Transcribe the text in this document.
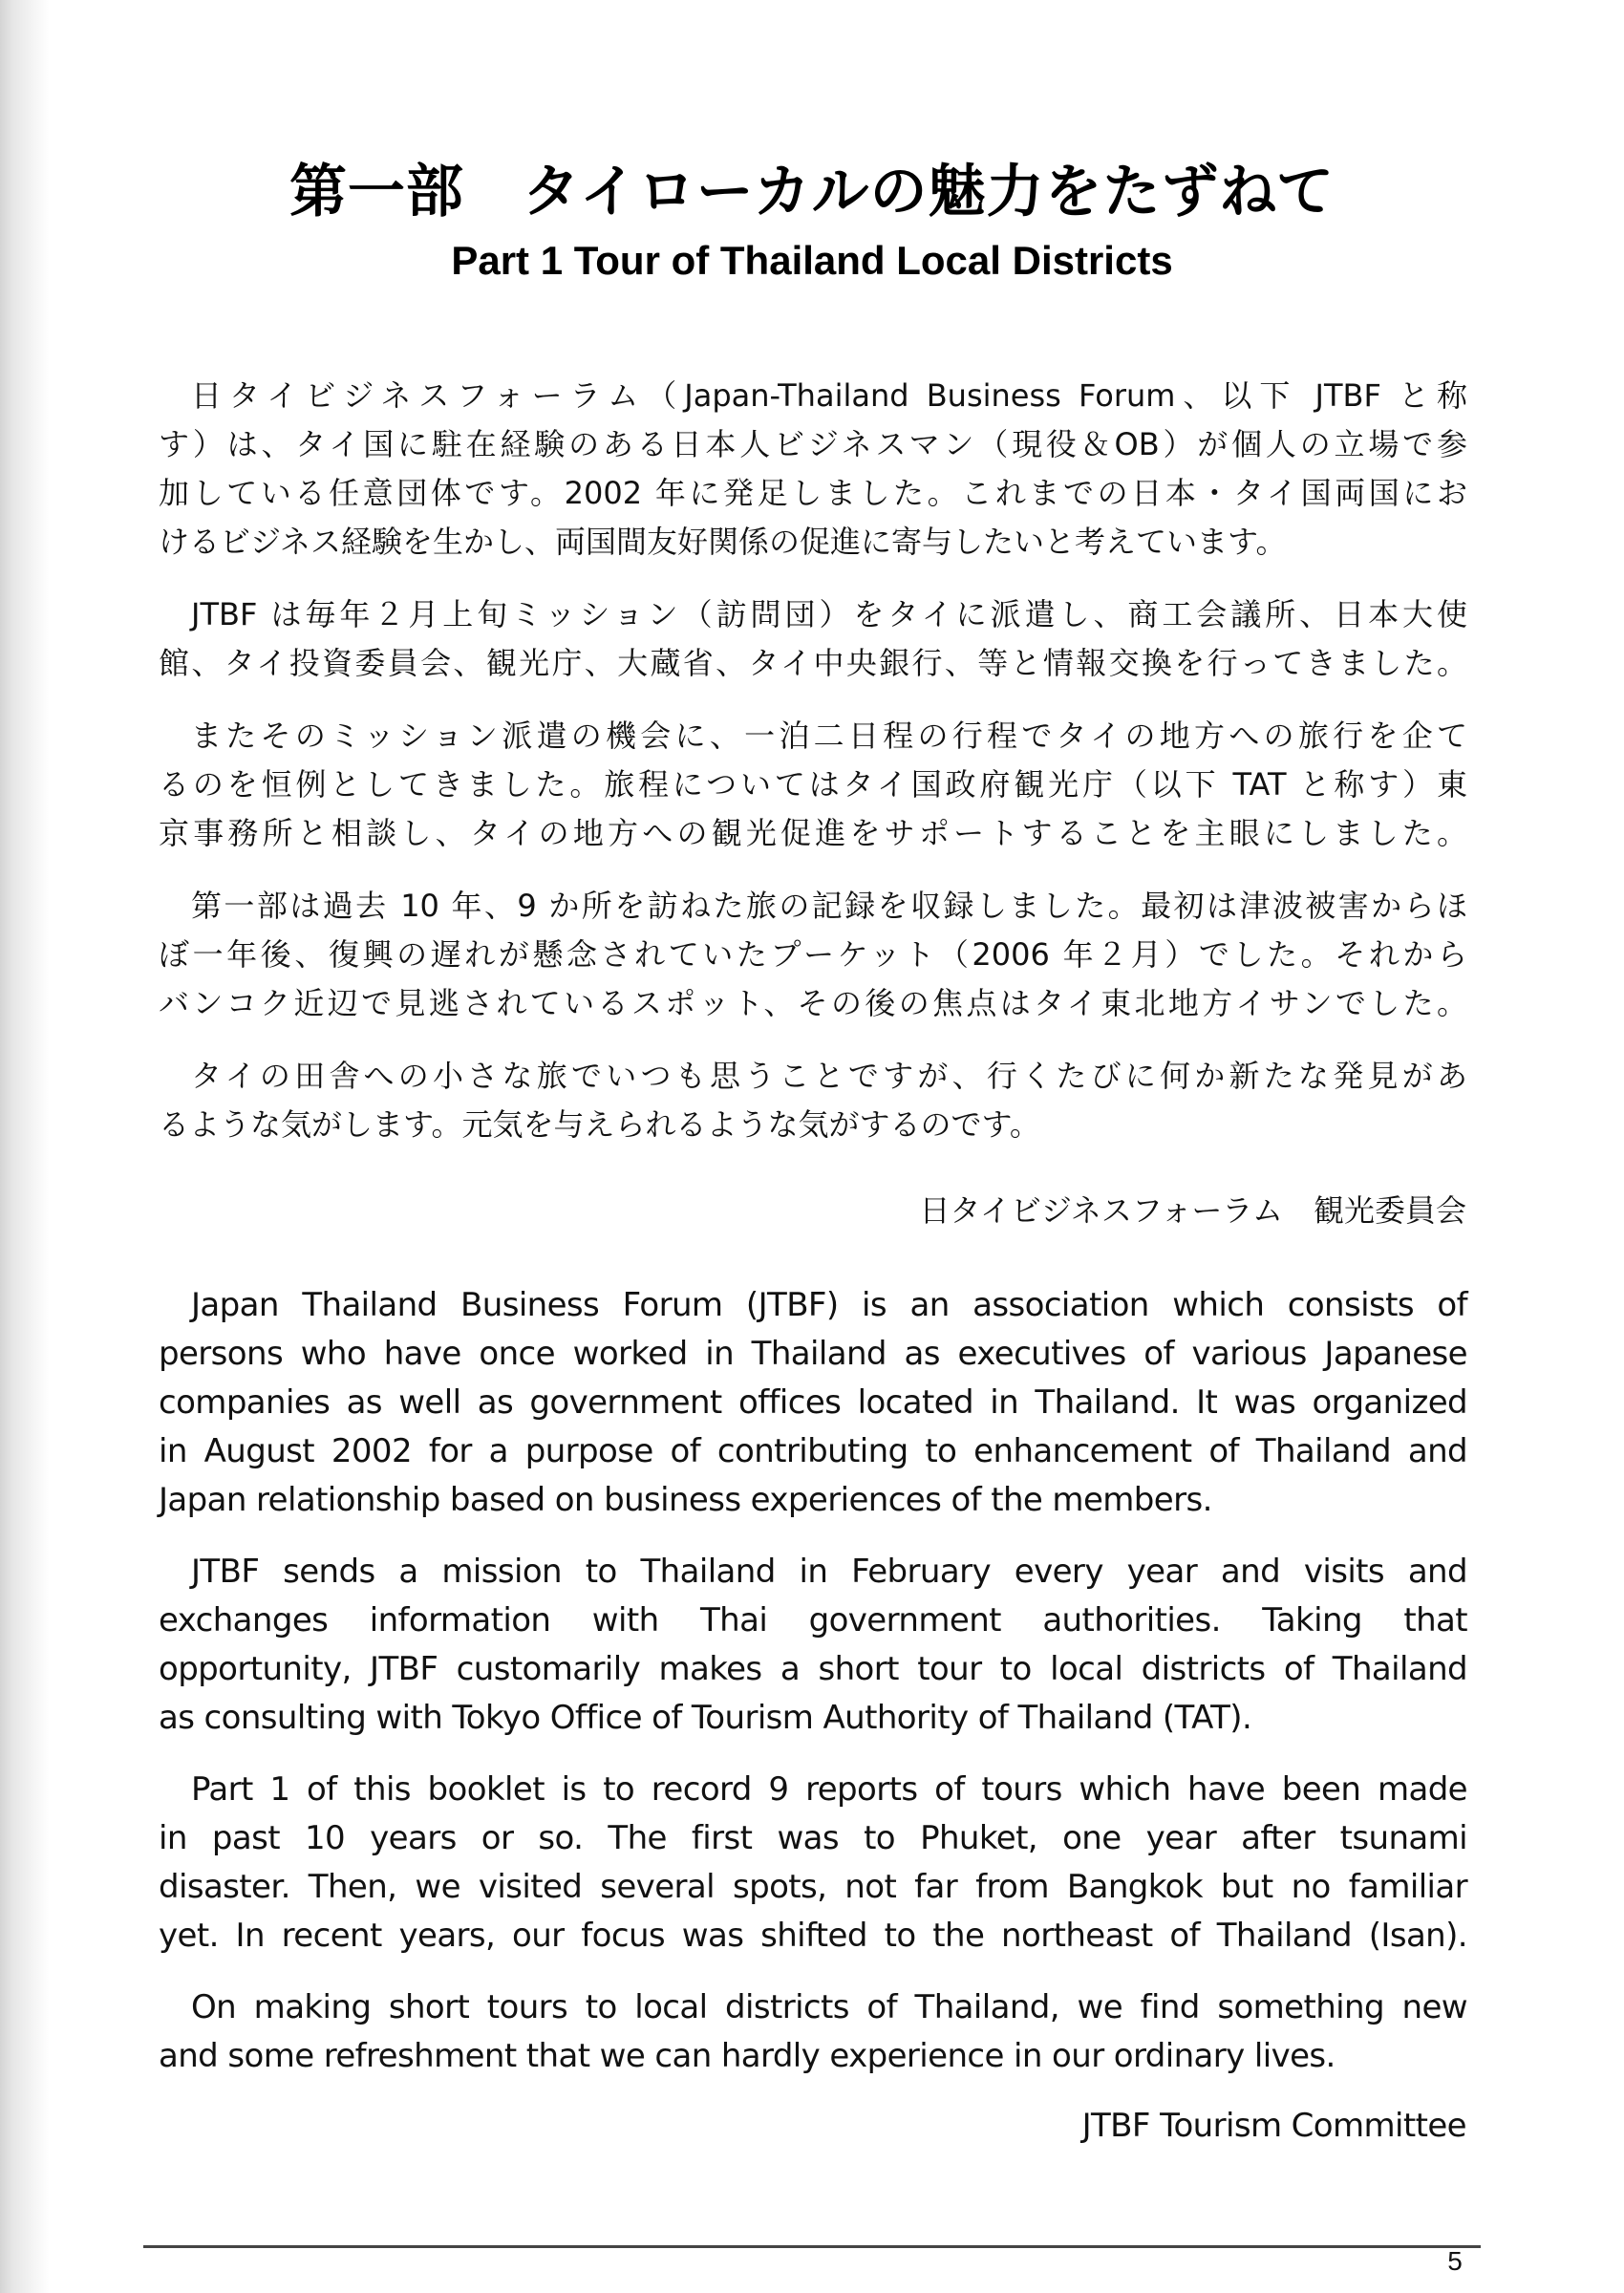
第一部　タイローカルの魅力をたずねて
Part 1 Tour of Thailand Local Districts
日タイビジネスフォーラム（Japan-Thailand Business Forum、以下 JTBF と称
す）は、タイ国に駐在経験のある日本人ビジネスマン（現役＆OB）が個人の立場で参
加している任意団体です。2002 年に発足しました。これまでの日本・タイ国両国にお
けるビジネス経験を生かし、両国間友好関係の促進に寄与したいと考えています。
JTBF は毎年２月上旬ミッション（訪問団）をタイに派遣し、商工会議所、日本大使
館、タイ投資委員会、観光庁、大蔵省、タイ中央銀行、等と情報交換を行ってきました。
またそのミッション派遣の機会に、一泊二日程の行程でタイの地方への旅行を企て
るのを恒例としてきました。旅程についてはタイ国政府観光庁（以下 TAT と称す）東
京事務所と相談し、タイの地方への観光促進をサポートすることを主眼にしました。
第一部は過去 10 年、9 か所を訪ねた旅の記録を収録しました。最初は津波被害からほ
ぼ一年後、復興の遅れが懸念されていたプーケット（2006 年２月）でした。それから
バンコク近辺で見逃されているスポット、その後の焦点はタイ東北地方イサンでした。
タイの田舎への小さな旅でいつも思うことですが、行くたびに何か新たな発見があ
るような気がします。元気を与えられるような気がするのです。
日タイビジネスフォーラム　観光委員会
Japan Thailand Business Forum (JTBF) is an association which consists of
persons who have once worked in Thailand as executives of various Japanese
companies as well as government offices located in Thailand. It was organized
in August 2002 for a purpose of contributing to enhancement of Thailand and
Japan relationship based on business experiences of the members.
JTBF sends a mission to Thailand in February every year and visits and
exchanges information with Thai government authorities. Taking that
opportunity, JTBF customarily makes a short tour to local districts of Thailand
as consulting with Tokyo Office of Tourism Authority of Thailand (TAT).
Part 1 of this booklet is to record 9 reports of tours which have been made
in past 10 years or so. The first was to Phuket, one year after tsunami
disaster. Then, we visited several spots, not far from Bangkok but no familiar
yet. In recent years, our focus was shifted to the northeast of Thailand (Isan).
On making short tours to local districts of Thailand, we find something new
and some refreshment that we can hardly experience in our ordinary lives.
JTBF Tourism Committee
5
